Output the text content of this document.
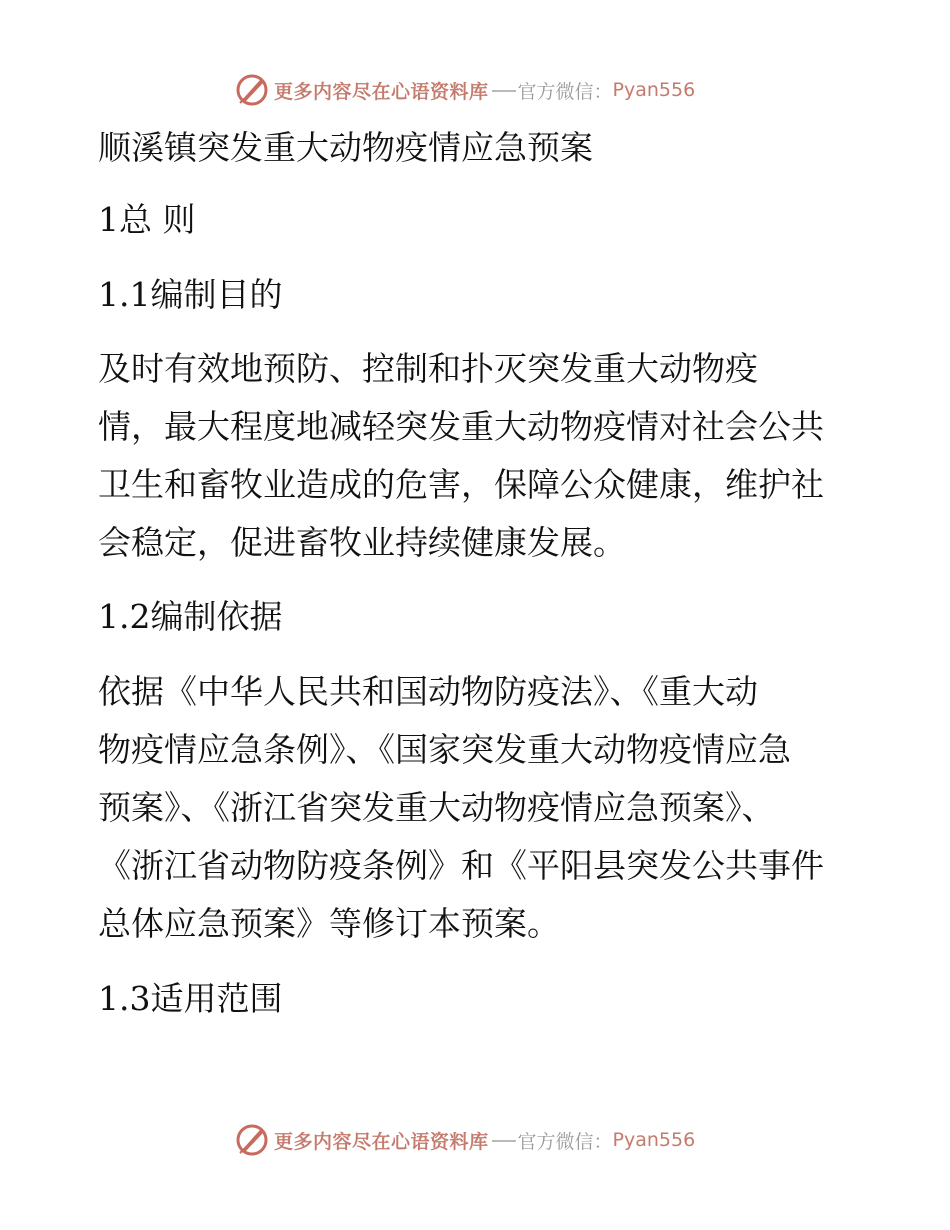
更多内容尽在心语资料库 官方微信： Pyan556
顺溪镇突发重大动物疫情应急预案
1总 则
1.1编制目的

及时有效地预防、控制和扑灭突发重大动物疫

情，最大程度地减轻突发重大动物疫情对社会公共

卫生和畜牧业造成的危害，保障公众健康，维护社

会稳定，促进畜牧业持续健康发展。

1.2编制依据

依据《中华人民共和国动物防疫法》、《重大动

物疫情应急条例》、《国家突发重大动物疫情应急

预案》、《浙江省突发重大动物疫情应急预案》、

《浙江省动物防疫条例》和《平阳县突发公共事件

总体应急预案》等修订本预案。

1.3适用范围
更多内容尽在心语资料库 官方微信： Pyan556
